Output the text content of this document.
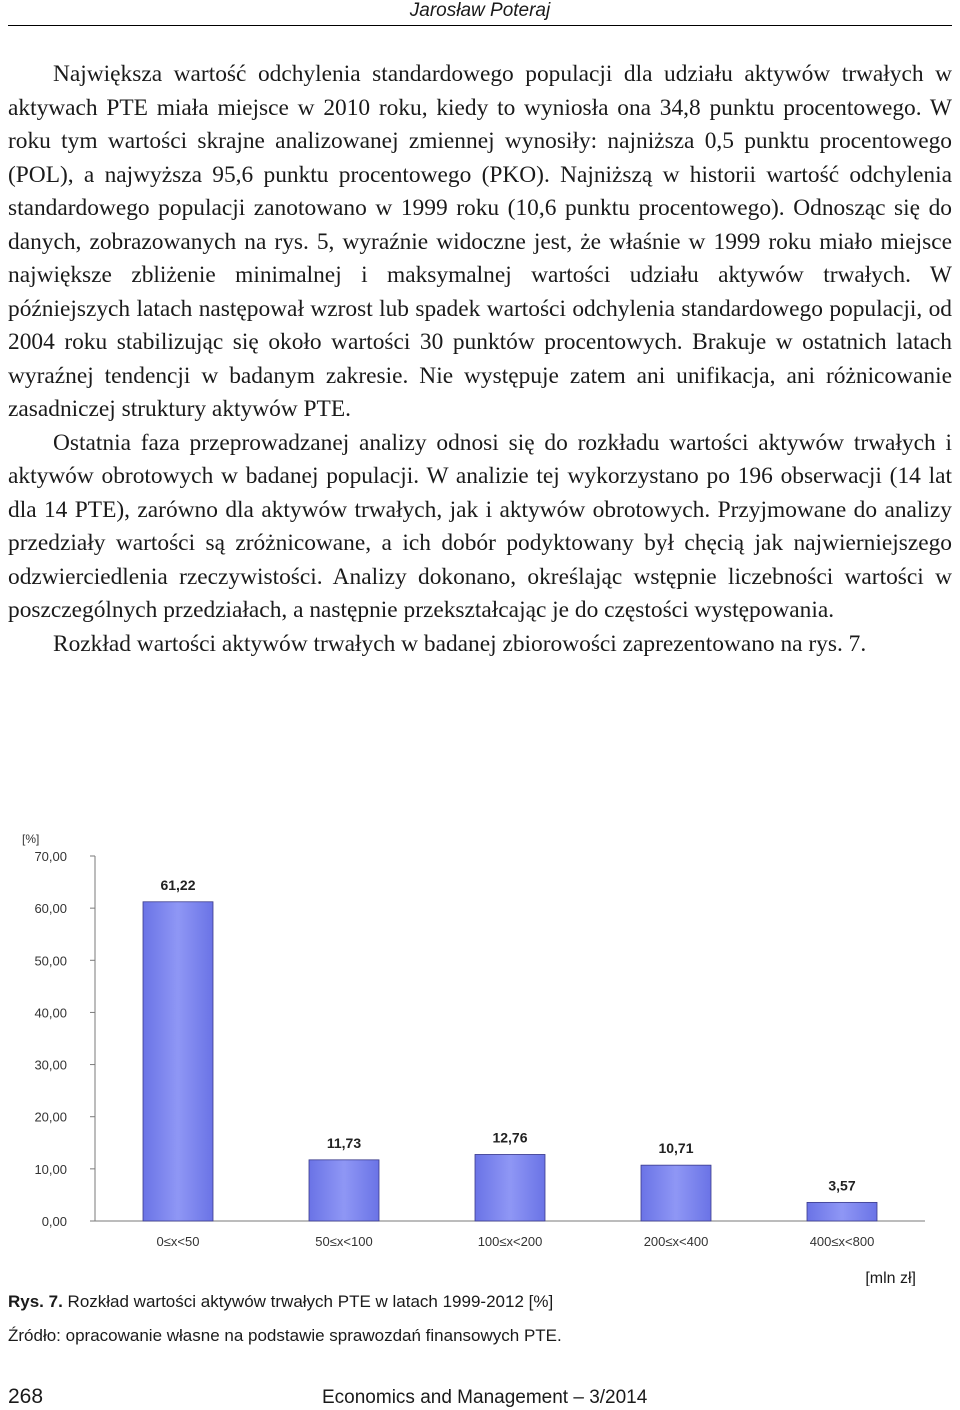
Jarosław Poteraj

Największa wartość odchylenia standardowego populacji dla udziału aktywów trwałych w aktywach PTE miała miejsce w 2010 roku, kiedy to wyniosła ona 34,8 punktu procentowego. W roku tym wartości skrajne analizowanej zmiennej wynosiły: najniższa 0,5 punktu procentowego (POL), a najwyższa 95,6 punktu procentowego (PKO). Najniższą w historii wartość odchylenia standardowego populacji zanotowano w 1999 roku (10,6 punktu procentowego). Odnosząc się do danych, zobrazowanych na rys. 5, wyraźnie widoczne jest, że właśnie w 1999 roku miało miejsce największe zbliżenie minimalnej i maksymalnej wartości udziału aktywów trwałych. W późniejszych latach następował wzrost lub spadek wartości odchylenia standardowego populacji, od 2004 roku stabilizując się około wartości 30 punktów procentowych. Brakuje w ostatnich latach wyraźnej tendencji w badanym zakresie. Nie występuje zatem ani unifikacja, ani różnicowanie zasadniczej struktury aktywów PTE.

Ostatnia faza przeprowadzanej analizy odnosi się do rozkładu wartości aktywów trwałych i aktywów obrotowych w badanej populacji. W analizie tej wykorzystano po 196 obserwacji (14 lat dla 14 PTE), zarówno dla aktywów trwałych, jak i aktywów obrotowych. Przyjmowane do analizy przedziały wartości są zróżnicowane, a ich dobór podyktowany był chęcią jak najwierniejszego odzwierciedlenia rzeczywistości. Analizy dokonano, określając wstępnie liczebności wartości w poszczególnych przedziałach, a następnie przekształcając je do częstości występowania.

Rozkład wartości aktywów trwałych w badanej zbiorowości zaprezentowano na rys. 7.

[%]
0,00
10,00
20,00
30,00
40,00
50,00
60,00
70,00
61,22
11,73	12,76
10,71
3,57
0≤x<50	50≤x<100	100≤x<200	200≤x<400	400≤x<800
[mln zł]
Rys. 7. Rozkład wartości aktywów trwałych PTE w latach 1999-2012 [%]
Źródło: opracowanie własne na podstawie sprawozdań finansowych PTE.
268	Economics and Management – 3/2014
